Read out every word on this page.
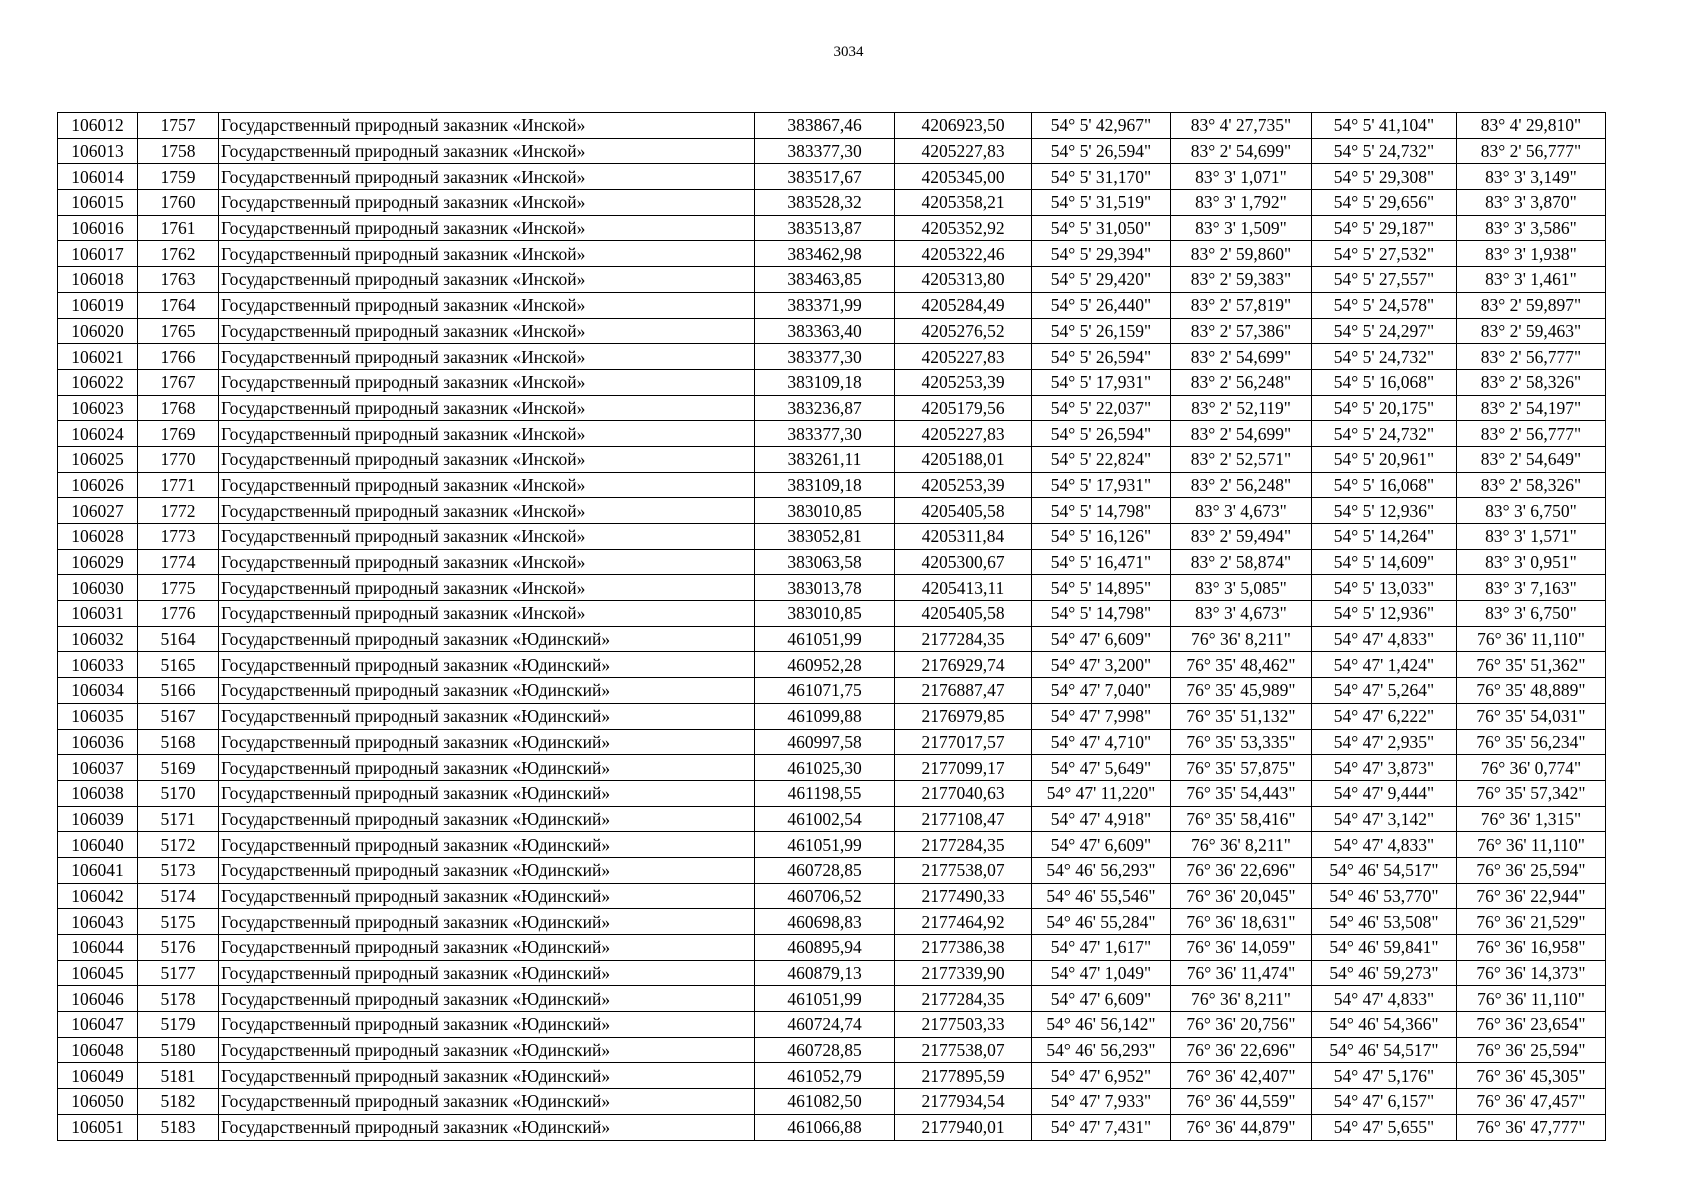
3034
106012	1757	Государственный природный заказник «Инской»	383867,46	4206923,50	54° 5' 42,967"	83° 4' 27,735"	54° 5' 41,104"	83° 4' 29,810"
106013	1758	Государственный природный заказник «Инской»	383377,30	4205227,83	54° 5' 26,594"	83° 2' 54,699"	54° 5' 24,732"	83° 2' 56,777"
106014	1759	Государственный природный заказник «Инской»	383517,67	4205345,00	54° 5' 31,170"	83° 3' 1,071"	54° 5' 29,308"	83° 3' 3,149"
106015	1760	Государственный природный заказник «Инской»	383528,32	4205358,21	54° 5' 31,519"	83° 3' 1,792"	54° 5' 29,656"	83° 3' 3,870"
106016	1761	Государственный природный заказник «Инской»	383513,87	4205352,92	54° 5' 31,050"	83° 3' 1,509"	54° 5' 29,187"	83° 3' 3,586"
106017	1762	Государственный природный заказник «Инской»	383462,98	4205322,46	54° 5' 29,394"	83° 2' 59,860"	54° 5' 27,532"	83° 3' 1,938"
106018	1763	Государственный природный заказник «Инской»	383463,85	4205313,80	54° 5' 29,420"	83° 2' 59,383"	54° 5' 27,557"	83° 3' 1,461"
106019	1764	Государственный природный заказник «Инской»	383371,99	4205284,49	54° 5' 26,440"	83° 2' 57,819"	54° 5' 24,578"	83° 2' 59,897"
106020	1765	Государственный природный заказник «Инской»	383363,40	4205276,52	54° 5' 26,159"	83° 2' 57,386"	54° 5' 24,297"	83° 2' 59,463"
106021	1766	Государственный природный заказник «Инской»	383377,30	4205227,83	54° 5' 26,594"	83° 2' 54,699"	54° 5' 24,732"	83° 2' 56,777"
106022	1767	Государственный природный заказник «Инской»	383109,18	4205253,39	54° 5' 17,931"	83° 2' 56,248"	54° 5' 16,068"	83° 2' 58,326"
106023	1768	Государственный природный заказник «Инской»	383236,87	4205179,56	54° 5' 22,037"	83° 2' 52,119"	54° 5' 20,175"	83° 2' 54,197"
106024	1769	Государственный природный заказник «Инской»	383377,30	4205227,83	54° 5' 26,594"	83° 2' 54,699"	54° 5' 24,732"	83° 2' 56,777"
106025	1770	Государственный природный заказник «Инской»	383261,11	4205188,01	54° 5' 22,824"	83° 2' 52,571"	54° 5' 20,961"	83° 2' 54,649"
106026	1771	Государственный природный заказник «Инской»	383109,18	4205253,39	54° 5' 17,931"	83° 2' 56,248"	54° 5' 16,068"	83° 2' 58,326"
106027	1772	Государственный природный заказник «Инской»	383010,85	4205405,58	54° 5' 14,798"	83° 3' 4,673"	54° 5' 12,936"	83° 3' 6,750"
106028	1773	Государственный природный заказник «Инской»	383052,81	4205311,84	54° 5' 16,126"	83° 2' 59,494"	54° 5' 14,264"	83° 3' 1,571"
106029	1774	Государственный природный заказник «Инской»	383063,58	4205300,67	54° 5' 16,471"	83° 2' 58,874"	54° 5' 14,609"	83° 3' 0,951"
106030	1775	Государственный природный заказник «Инской»	383013,78	4205413,11	54° 5' 14,895"	83° 3' 5,085"	54° 5' 13,033"	83° 3' 7,163"
106031	1776	Государственный природный заказник «Инской»	383010,85	4205405,58	54° 5' 14,798"	83° 3' 4,673"	54° 5' 12,936"	83° 3' 6,750"
106032	5164	Государственный природный заказник «Юдинский»	461051,99	2177284,35	54° 47' 6,609"	76° 36' 8,211"	54° 47' 4,833"	76° 36' 11,110"
106033	5165	Государственный природный заказник «Юдинский»	460952,28	2176929,74	54° 47' 3,200"	76° 35' 48,462"	54° 47' 1,424"	76° 35' 51,362"
106034	5166	Государственный природный заказник «Юдинский»	461071,75	2176887,47	54° 47' 7,040"	76° 35' 45,989"	54° 47' 5,264"	76° 35' 48,889"
106035	5167	Государственный природный заказник «Юдинский»	461099,88	2176979,85	54° 47' 7,998"	76° 35' 51,132"	54° 47' 6,222"	76° 35' 54,031"
106036	5168	Государственный природный заказник «Юдинский»	460997,58	2177017,57	54° 47' 4,710"	76° 35' 53,335"	54° 47' 2,935"	76° 35' 56,234"
106037	5169	Государственный природный заказник «Юдинский»	461025,30	2177099,17	54° 47' 5,649"	76° 35' 57,875"	54° 47' 3,873"	76° 36' 0,774"
106038	5170	Государственный природный заказник «Юдинский»	461198,55	2177040,63	54° 47' 11,220"	76° 35' 54,443"	54° 47' 9,444"	76° 35' 57,342"
106039	5171	Государственный природный заказник «Юдинский»	461002,54	2177108,47	54° 47' 4,918"	76° 35' 58,416"	54° 47' 3,142"	76° 36' 1,315"
106040	5172	Государственный природный заказник «Юдинский»	461051,99	2177284,35	54° 47' 6,609"	76° 36' 8,211"	54° 47' 4,833"	76° 36' 11,110"
106041	5173	Государственный природный заказник «Юдинский»	460728,85	2177538,07	54° 46' 56,293"	76° 36' 22,696"	54° 46' 54,517"	76° 36' 25,594"
106042	5174	Государственный природный заказник «Юдинский»	460706,52	2177490,33	54° 46' 55,546"	76° 36' 20,045"	54° 46' 53,770"	76° 36' 22,944"
106043	5175	Государственный природный заказник «Юдинский»	460698,83	2177464,92	54° 46' 55,284"	76° 36' 18,631"	54° 46' 53,508"	76° 36' 21,529"
106044	5176	Государственный природный заказник «Юдинский»	460895,94	2177386,38	54° 47' 1,617"	76° 36' 14,059"	54° 46' 59,841"	76° 36' 16,958"
106045	5177	Государственный природный заказник «Юдинский»	460879,13	2177339,90	54° 47' 1,049"	76° 36' 11,474"	54° 46' 59,273"	76° 36' 14,373"
106046	5178	Государственный природный заказник «Юдинский»	461051,99	2177284,35	54° 47' 6,609"	76° 36' 8,211"	54° 47' 4,833"	76° 36' 11,110"
106047	5179	Государственный природный заказник «Юдинский»	460724,74	2177503,33	54° 46' 56,142"	76° 36' 20,756"	54° 46' 54,366"	76° 36' 23,654"
106048	5180	Государственный природный заказник «Юдинский»	460728,85	2177538,07	54° 46' 56,293"	76° 36' 22,696"	54° 46' 54,517"	76° 36' 25,594"
106049	5181	Государственный природный заказник «Юдинский»	461052,79	2177895,59	54° 47' 6,952"	76° 36' 42,407"	54° 47' 5,176"	76° 36' 45,305"
106050	5182	Государственный природный заказник «Юдинский»	461082,50	2177934,54	54° 47' 7,933"	76° 36' 44,559"	54° 47' 6,157"	76° 36' 47,457"
106051	5183	Государственный природный заказник «Юдинский»	461066,88	2177940,01	54° 47' 7,431"	76° 36' 44,879"	54° 47' 5,655"	76° 36' 47,777"
